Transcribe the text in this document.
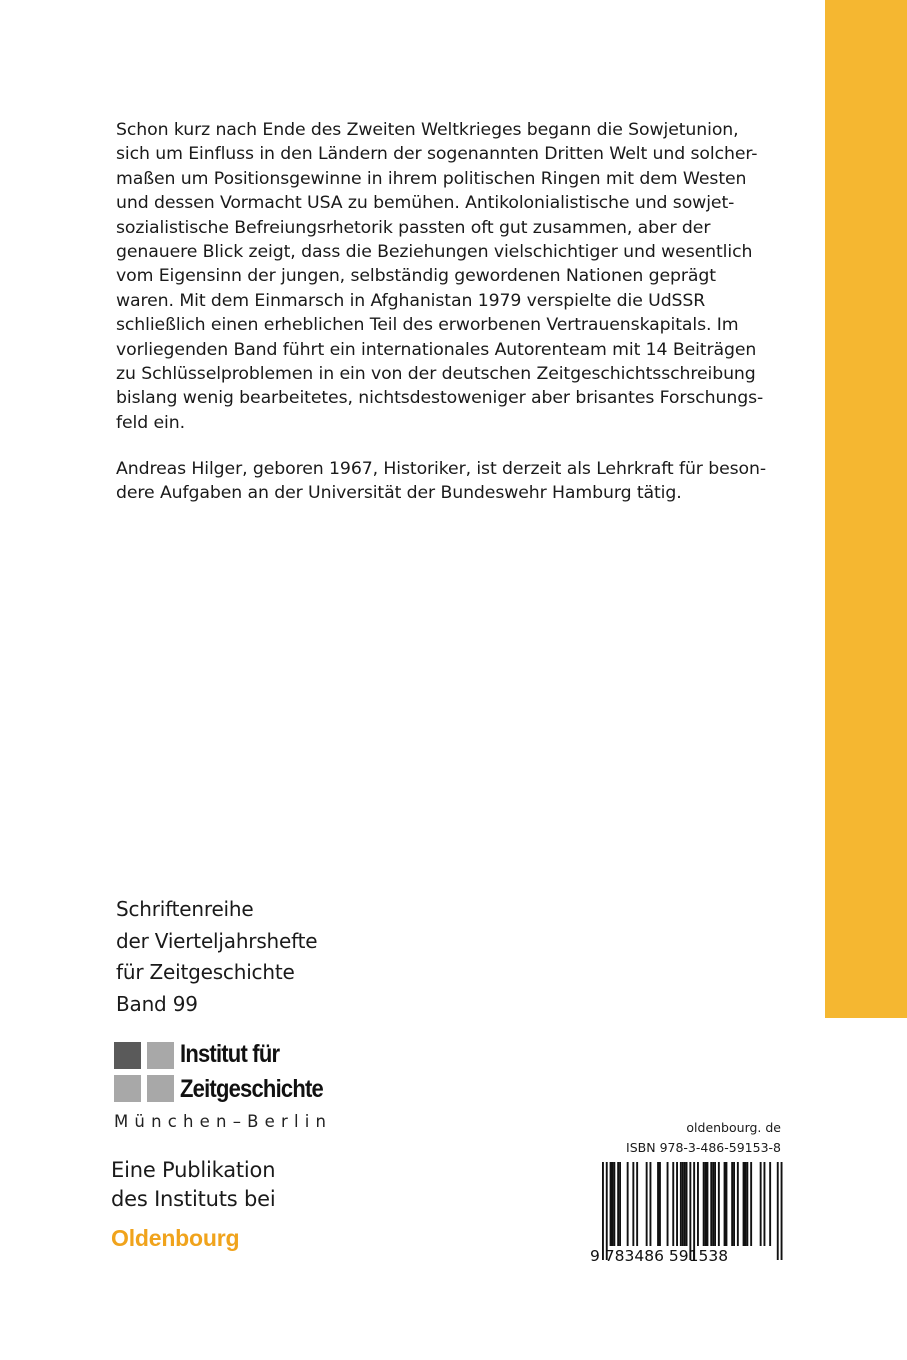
Schon kurz nach Ende des Zweiten Weltkrieges begann die Sowjetunion,
sich um Einfluss in den Ländern der sogenannten Dritten Welt und solcher-
maßen um Positionsgewinne in ihrem politischen Ringen mit dem Westen
und dessen Vormacht USA zu bemühen. Antikolonialistische und sowjet-
sozialistische Befreiungsrhetorik passten oft gut zusammen, aber der
genauere Blick zeigt, dass die Beziehungen vielschichtiger und wesentlich
vom Eigensinn der jungen, selbständig gewordenen Nationen geprägt
waren. Mit dem Einmarsch in Afghanistan 1979 verspielte die UdSSR
schließlich einen erheblichen Teil des erworbenen Vertrauenskapitals. Im
vorliegenden Band führt ein internationales Autorenteam mit 14 Beiträgen
zu Schlüsselproblemen in ein von der deutschen Zeitgeschichtsschreibung
bislang wenig bearbeitetes, nichtsdestoweniger aber brisantes Forschungs-
feld ein.
Andreas Hilger, geboren 1967, Historiker, ist derzeit als Lehrkraft für beson-
dere Aufgaben an der Universität der Bundeswehr Hamburg tätig.
Schriftenreihe
der Vierteljahrshefte
für Zeitgeschichte
Band 99
Institut für
Zeitgeschichte
München–Berlin
Eine Publikation
des Instituts bei
Oldenbourg
oldenbourg. de
ISBN 978-3-486-59153-8
9 783486 591538
